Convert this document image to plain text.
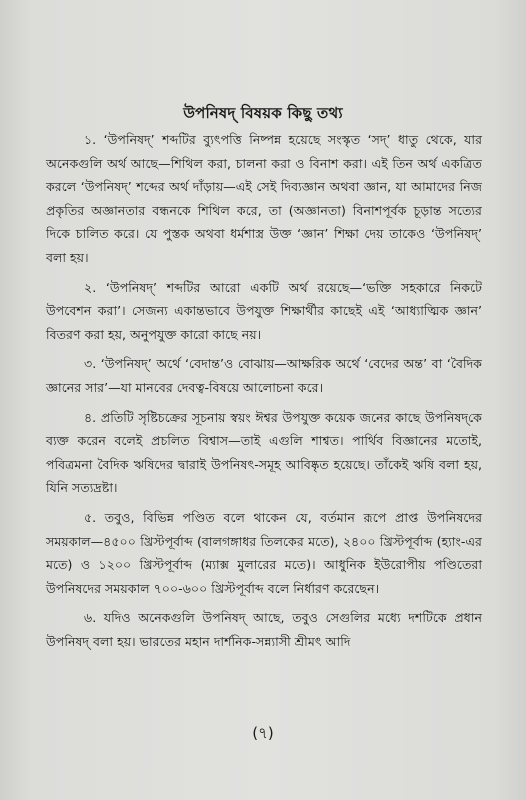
উপনিষদ্ বিষয়ক কিছু তথ্য

১. ‘উপনিষদ্’ শব্দটির ব্যুৎপত্তি নিষ্পন্ন হয়েছে সংস্কৃত ‘সদ্’ ধাতু থেকে, যার অনেকগুলি অর্থ আছে—শিথিল করা, চালনা করা ও বিনাশ করা। এই তিন অর্থ একত্রিত করলে ‘উপনিষদ্’ শব্দের অর্থ দাঁড়ায়—এই সেই দিব্যজ্ঞান অথবা জ্ঞান, যা আমাদের নিজ প্রকৃতির অজ্ঞানতার বন্ধনকে শিথিল করে, তা (অজ্ঞানতা) বিনাশপূর্বক চূড়ান্ত সত্যের দিকে চালিত করে। যে পুস্তক অথবা ধর্মশাস্ত্র উক্ত ‘জ্ঞান’ শিক্ষা দেয় তাকেও ‘উপনিষদ্’ বলা হয়।

২. ‘উপনিষদ্’ শব্দটির আরো একটি অর্থ রয়েছে—‘ভক্তি সহকারে নিকটে উপবেশন করা’। সেজন্য একান্তভাবে উপযুক্ত শিক্ষার্থীর কাছেই এই ‘আধ্যাত্মিক জ্ঞান’ বিতরণ করা হয়, অনুপযুক্ত কারো কাছে নয়।

৩. ‘উপনিষদ্’ অর্থে ‘বেদান্ত’ও বোঝায়—আক্ষরিক অর্থে ‘বেদের অন্ত’ বা ‘বৈদিক জ্ঞানের সার’—যা মানবের দেবত্ব-বিষয়ে আলোচনা করে।

৪. প্রতিটি সৃষ্টিচক্রের সূচনায় স্বয়ং ঈশ্বর উপযুক্ত কয়েক জনের কাছে উপনিষদ্‌কে ব্যক্ত করেন বলেই প্রচলিত বিশ্বাস—তাই এগুলি শাশ্বত। পার্থিব বিজ্ঞানের মতোই, পবিত্রমনা বৈদিক ঋষিদের দ্বারাই উপনিষৎ-সমূহ আবিষ্কৃত হয়েছে। তাঁকেই ঋষি বলা হয়, যিনি সত্যদ্রষ্টা।

৫. তবুও, বিভিন্ন পণ্ডিত বলে থাকেন যে, বর্তমান রূপে প্রাপ্ত উপনিষদের সময়কাল—৪৫০০ খ্রিস্টপূর্বাব্দ (বালগঙ্গাধর তিলকের মতে), ২৪০০ খ্রিস্টপূর্বাব্দ (হ্যাং-এর মতে) ও ১২০০ খ্রিস্টপূর্বাব্দ (ম্যাক্স মুলারের মতে)। আধুনিক ইউরোপীয় পণ্ডিতেরা উপনিষদের সময়কাল ৭০০-৬০০ খ্রিস্টপূর্বাব্দ বলে নির্ধারণ করেছেন।

৬. যদিও অনেকগুলি উপনিষদ্ আছে, তবুও সেগুলির মধ্যে দশটিকে প্রধান উপনিষদ্ বলা হয়। ভারতের মহান দার্শনিক-সন্ন্যাসী শ্রীমৎ আদি

(৭)
